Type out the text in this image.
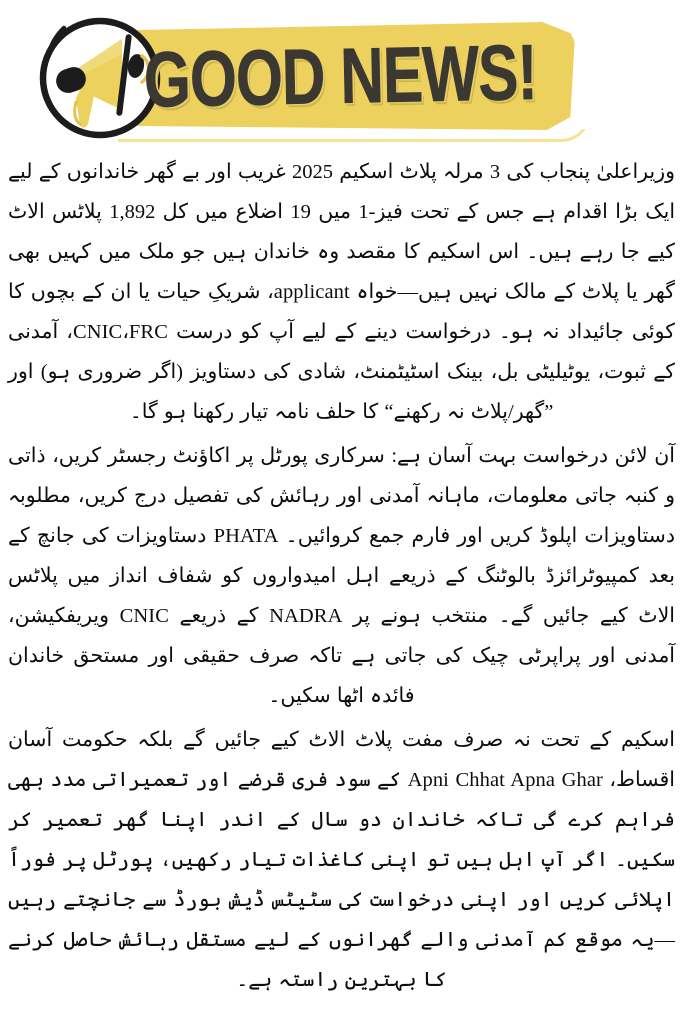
GOOD NEWS!

وزیراعلیٰ پنجاب کی 3 مرلہ پلاٹ اسکیم 2025 غریب اور بے گھر خاندانوں کے لیے ایک بڑا اقدام ہے جس کے تحت فیز-1 میں 19 اضلاع میں کل 1,892 پلاٹس الاٹ کیے جا رہے ہیں۔ اس اسکیم کا مقصد وہ خاندان ہیں جو ملک میں کہیں بھی گھر یا پلاٹ کے مالک نہیں ہیں—خواہ applicant، شریکِ حیات یا ان کے بچوں کا کوئی جائیداد نہ ہو۔ درخواست دینے کے لیے آپ کو درست CNIC،FRC، آمدنی کے ثبوت، یوٹیلیٹی بل، بینک اسٹیٹمنٹ، شادی کی دستاویز (اگر ضروری ہو) اور ”گھر/پلاٹ نہ رکھنے“ کا حلف نامہ تیار رکھنا ہو گا۔

آن لائن درخواست بہت آسان ہے: سرکاری پورٹل پر اکاؤنٹ رجسٹر کریں، ذاتی و کنبہ جاتی معلومات، ماہانہ آمدنی اور رہائش کی تفصیل درج کریں، مطلوبہ دستاویزات اپلوڈ کریں اور فارم جمع کروائیں۔ PHATA دستاویزات کی جانچ کے بعد کمپیوٹرائزڈ بالوٹنگ کے ذریعے اہل امیدواروں کو شفاف انداز میں پلاٹس الاٹ کیے جائیں گے۔ منتخب ہونے پر NADRA کے ذریعے CNIC ویریفکیشن، آمدنی اور پراپرٹی چیک کی جاتی ہے تاکہ صرف حقیقی اور مستحق خاندان فائدہ اٹھا سکیں۔

اسکیم کے تحت نہ صرف مفت پلاٹ الاٹ کیے جائیں گے بلکہ حکومت آسان اقساط، Apni Chhat Apna Ghar کے سود فری قرضے اور تعمیراتی مدد بھی فراہم کرے گی تاکہ خاندان دو سال کے اندر اپنا گھر تعمیر کر سکیں۔ اگر آپ اہل ہیں تو اپنی کاغذات تیار رکھیں، پورٹل پر فوراً اپلائی کریں اور اپنی درخواست کی سٹیٹس ڈیش بورڈ سے جانچتے رہیں—یہ موقع کم آمدنی والے گھرانوں کے لیے مستقل رہائش حاصل کرنے کا بہترین راستہ ہے۔
